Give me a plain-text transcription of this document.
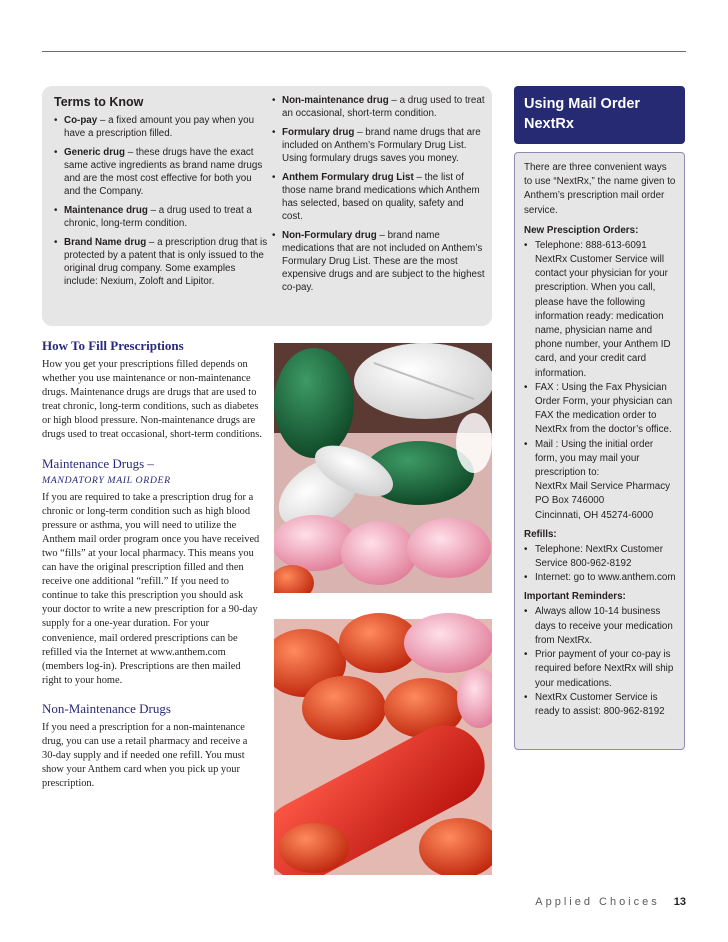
Terms to Know
• Co-pay – a fixed amount you pay when you have a prescription filled.
• Generic drug – these drugs have the exact same active ingredients as brand name drugs and are the most cost effective for both you and the Company.
• Maintenance drug – a drug used to treat a chronic, long-term condition.
• Brand Name drug – a prescription drug that is protected by a patent that is only issued to the original drug company. Some examples include: Nexium, Zoloft and Lipitor.
• Non-maintenance drug – a drug used to treat an occasional, short-term condition.
• Formulary drug – brand name drugs that are included on Anthem’s Formulary Drug List. Using formulary drugs saves you money.
• Anthem Formulary drug List – the list of those name brand medications which Anthem has selected, based on quality, safety and cost.
• Non-Formulary drug – brand name medications that are not included on Anthem’s Formulary Drug List. These are the most expensive drugs and are subject to the highest co-pay.
How To Fill Prescriptions

How you get your prescriptions filled depends on whether you use maintenance or non-maintenance drugs. Maintenance drugs are drugs that are used to treat chronic, long-term conditions, such as diabetes or high blood pressure. Non-maintenance drugs are drugs used to treat occasional, short-term conditions.

Maintenance Drugs –
MANDATORY MAIL ORDER

If you are required to take a prescription drug for a chronic or long-term condition such as high blood pressure or asthma, you will need to utilize the Anthem mail order program once you have received two “fills” at your local pharmacy. This means you can have the original prescription filled and then receive one additional “refill.” If you need to continue to take this prescription you should ask your doctor to write a new prescription for a 90-day supply for a one-year duration. For your convenience, mail ordered prescriptions can be refilled via the Internet at www.anthem.com (members log-in). Prescriptions are then mailed right to your home.

Non-Maintenance Drugs

If you need a prescription for a non-maintenance drug, you can use a retail pharmacy and receive a 30-day supply and if needed one refill. You must show your Anthem card when you pick up your prescription.

Using Mail Order
NextRx

There are three convenient ways to use “NextRx,” the name given to Anthem’s prescription mail order service.

New Presciption Orders:
• Telephone: 888-613-6091 NextRx Customer Service will contact your physician for your prescription. When you call, please have the following information ready: medication name, physician name and phone number, your Anthem ID card, and your credit card information.
• FAX : Using the Fax Physician Order Form, your physician can FAX the medication order to NextRx from the doctor’s office.
• Mail : Using the initial order form, you may mail your prescription to:
NextRx Mail Service Pharmacy
PO Box 746000
Cincinnati, OH 45274-6000
Refills:
• Telephone: NextRx Customer Service 800-962-8192
• Internet: go to www.anthem.com
Important Reminders:
• Always allow 10-14 business days to receive your medication from NextRx.
• Prior payment of your co-pay is required before NextRx will ship your medications.
• NextRx Customer Service is ready to assist: 800-962-8192
Applied Choices 13
